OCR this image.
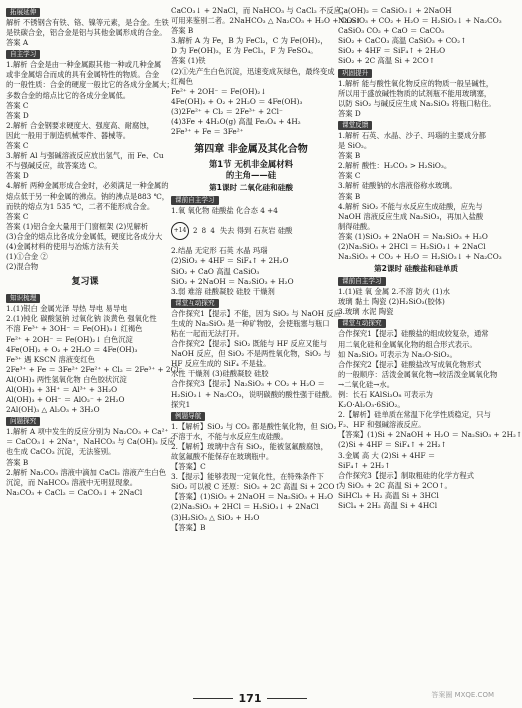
拓展延伸
解析 不锈钢含有铁、铬、镍等元素，是合金。生铁
是铁碳合金，铝合金是铝与其他金属形成的合金。
答案 A
自主学习
1.解析 合金是由一种金属跟其他一种或几种金属
或非金属熔合而成的具有金属特性的物质。合金
的一般性质：合金的硬度一般比它的各成分金属大；
多数合金的熔点比它的各成分金属低。
答案 C
答案 D
2.解析 合金钢要求硬度大、强度高、耐腐蚀，
因此一般用于制造机械零件、器械等。
答案 C
3.解析 Al 与强碱溶液反应放出氢气，而 Fe、Cu
不与强碱反应，故答案选 C。
答案 D
4.解析 两种金属形成合金时，必须满足一种金属的
熔点低于另一种金属的沸点。钠的沸点是883 ℃，
而铁的熔点为1 535 ℃，二者不能形成合金。
答案 C
答案 (1)铝合金大量用于门窗框架 (2)见解析
(3)合金的熔点比各成分金属低，硬度比各成分大
(4)金属材料的使用与冶炼方法有关
(1)①合金 ②
(2)混合物
复习课
知识梳理
1.(1)银白 金属光泽 导热 导电 易导电
2.(1)钝化 碳酸氢钠 过氧化钠 淡黄色 强氧化性
不溶 Fe³⁺ + 3OH⁻ ＝ Fe(OH)₃↓ 红褐色
Fe²⁺ + 2OH⁻ ＝ Fe(OH)₂↓ 白色沉淀
4Fe(OH)₂ + O₂ + 2H₂O ＝ 4Fe(OH)₃
Fe³⁺ 遇 KSCN 溶液变红色
2Fe³⁺ + Fe ＝ 3Fe²⁺ 2Fe²⁺ + Cl₂ ＝ 2Fe³⁺ + 2Cl⁻
Al(OH)₃ 两性氢氧化物 白色胶状沉淀
Al(OH)₃ + 3H⁺ ＝ Al³⁺ + 3H₂O
Al(OH)₃ + OH⁻ ＝ AlO₂⁻ + 2H₂O
2Al(OH)₃ △ Al₂O₃ + 3H₂O
问题探究
1.解析 A 项中发生的反应分别为 Na₂CO₃ + Ca²⁺
＝ CaCO₃↓ + 2Na⁺，NaHCO₃ 与 Ca(OH)₂ 反应
也生成 CaCO₃ 沉淀，无法鉴别。
答案 B
2.解析 Na₂CO₃ 溶液中滴加 CaCl₂ 溶液产生白色
沉淀，而 NaHCO₃ 溶液中无明显现象。
Na₂CO₃ + CaCl₂ ＝ CaCO₃↓ + 2NaCl
CaCO₃↓ + 2NaCl，而 NaHCO₃ 与 CaCl₂ 不反应，
可用来鉴别二者。2NaHCO₃ △ Na₂CO₃ + H₂O + CO₂↑
答案 B
3.解析 A 为 Fe，B 为 FeCl₂，C 为 Fe(OH)₂，
D 为 Fe(OH)₃，E 为 FeCl₃，F 为 FeSO₄。
答案 (1)铁
(2)①先产生白色沉淀，迅速变成灰绿色，最终变成
红褐色
Fe²⁺ + 2OH⁻ ＝ Fe(OH)₂↓
4Fe(OH)₂ + O₂ + 2H₂O ＝ 4Fe(OH)₃
(3)2Fe²⁺ + Cl₂ ＝ 2Fe³⁺ + 2Cl⁻
(4)3Fe + 4H₂O(g) 高温 Fe₃O₄ + 4H₂
2Fe³⁺ + Fe ＝ 3Fe²⁺
第四章 非金属及其化合物
第1节 无机非金属材料
的主角——硅
第1课时 二氧化硅和硅酸
课前自主学习
1.氧 氧化物 硅酸盐 化合态 4 +4
+14 2 8 4 失去 得到 石灰岩 硅酸
2.结晶 无定形 石英 水晶 玛瑙
(2)SiO₂ + 4HF ＝ SiF₄↑ + 2H₂O
SiO₂ + CaO 高温 CaSiO₃
SiO₂ + 2NaOH ＝ Na₂SiO₃ + H₂O
3.弱 难溶 硅酸凝胶 硅胶 干燥剂
课堂互动探究
合作探究1【提示】不能，因为 SiO₂ 与 NaOH 反应
生成的 Na₂SiO₃ 是一种矿物胶，会使瓶塞与瓶口
粘在一起而无法打开。
合作探究2【提示】SiO₂ 既能与 HF 反应又能与
NaOH 反应，但 SiO₂ 不是两性氧化物，SiO₂ 与
HF 反应生成的 SiF₄ 不是盐。
水性 干燥剂 (3)硅酸凝胶 硅胶
合作探究3【提示】Na₂SiO₃ + CO₂ + H₂O ＝
H₂SiO₃↓ + Na₂CO₃，说明碳酸的酸性强于硅酸。
探究1
例题导航
1.【解析】SiO₂ 与 CO₂ 都是酸性氧化物，但 SiO₂
不溶于水，不能与水反应生成硅酸。
2.【解析】玻璃中含有 SiO₂，能被氢氟酸腐蚀，
故氢氟酸不能保存在玻璃瓶中。
【答案】C
3.【提示】能够表现一定氧化性，在特殊条件下
SiO₂ 可以被 C 还原：SiO₂ + 2C 高温 Si + 2CO↑
【答案】(1)SiO₂ + 2NaOH ＝ Na₂SiO₃ + H₂O
(2)Na₂SiO₃ + 2HCl ＝ H₂SiO₃↓ + 2NaCl
(3)H₂SiO₃ △ SiO₂ + H₂O
【答案】B
Ca(OH)₂ ＝ CaSiO₃↓ + 2NaOH
Na₂SiO₃ + CO₂ + H₂O ＝ H₂SiO₃↓ + Na₂CO₃
CaSiO₃ CO₂ + CaO ＝ CaCO₃
SiO₂ + CaCO₃ 高温 CaSiO₃ + CO₂↑
SiO₂ + 4HF ＝ SiF₄↑ + 2H₂O
SiO₂ + 2C 高温 Si + 2CO↑
巩固提升
1.解析 能与酸性氧化物反应的物质一般呈碱性，
所以用于盛放碱性物质的试剂瓶不能用玻璃塞，
以防 SiO₂ 与碱反应生成 Na₂SiO₃ 将瓶口粘住。
答案 D
课堂反馈
1.解析 石英、水晶、沙子、玛瑙的主要成分都
是 SiO₂。
答案 B
2.解析 酸性：H₂CO₃ > H₂SiO₃。
答案 C
3.解析 硅酸钠的水溶液俗称水玻璃。
答案 B
4.解析 SiO₂ 不能与水反应生成硅酸，应先与
NaOH 溶液反应生成 Na₂SiO₃，再加入盐酸
制得硅酸。
答案 (1)SiO₂ + 2NaOH ＝ Na₂SiO₃ + H₂O
(2)Na₂SiO₃ + 2HCl ＝ H₂SiO₃↓ + 2NaCl
Na₂SiO₃ + CO₂ + H₂O ＝ H₂SiO₃↓ + Na₂CO₃
第2课时 硅酸盐和硅单质
课前自主学习
1.(1)硅 氧 金属 2.不溶 防火 (1)水
玻璃 黏土 陶瓷 (2)H₂SiO₃(胶体)
3.玻璃 水泥 陶瓷
课堂互动探究
合作探究1【提示】硅酸盐的组成较复杂，通常
用二氧化硅和金属氧化物的组合形式表示。
如 Na₂SiO₃ 可表示为 Na₂O·SiO₂。
合作探究2【提示】硅酸盐改写成氧化物形式
的一般顺序：活泼金属氧化物→较活泼金属氧化物
→二氧化硅→水。
例：长石 KAlSi₃O₈ 可表示为
K₂O·Al₂O₃·6SiO₂。
2.【解析】硅单质在常温下化学性质稳定，只与
F₂、HF 和强碱溶液反应。
【答案】(1)Si + 2NaOH + H₂O ＝ Na₂SiO₃ + 2H₂↑
(2)Si + 4HF ＝ SiF₄↑ + 2H₂↑
3.金属 高 大 (2)Si + 4HF ＝
SiF₄↑ + 2H₂↑
合作探究3【提示】制取粗硅的化学方程式
为 SiO₂ + 2C 高温 Si + 2CO↑。
SiHCl₃ + H₂ 高温 Si + 3HCl
SiCl₄ + 2H₂ 高温 Si + 4HCl
171	答案圈 MXQE.COM
